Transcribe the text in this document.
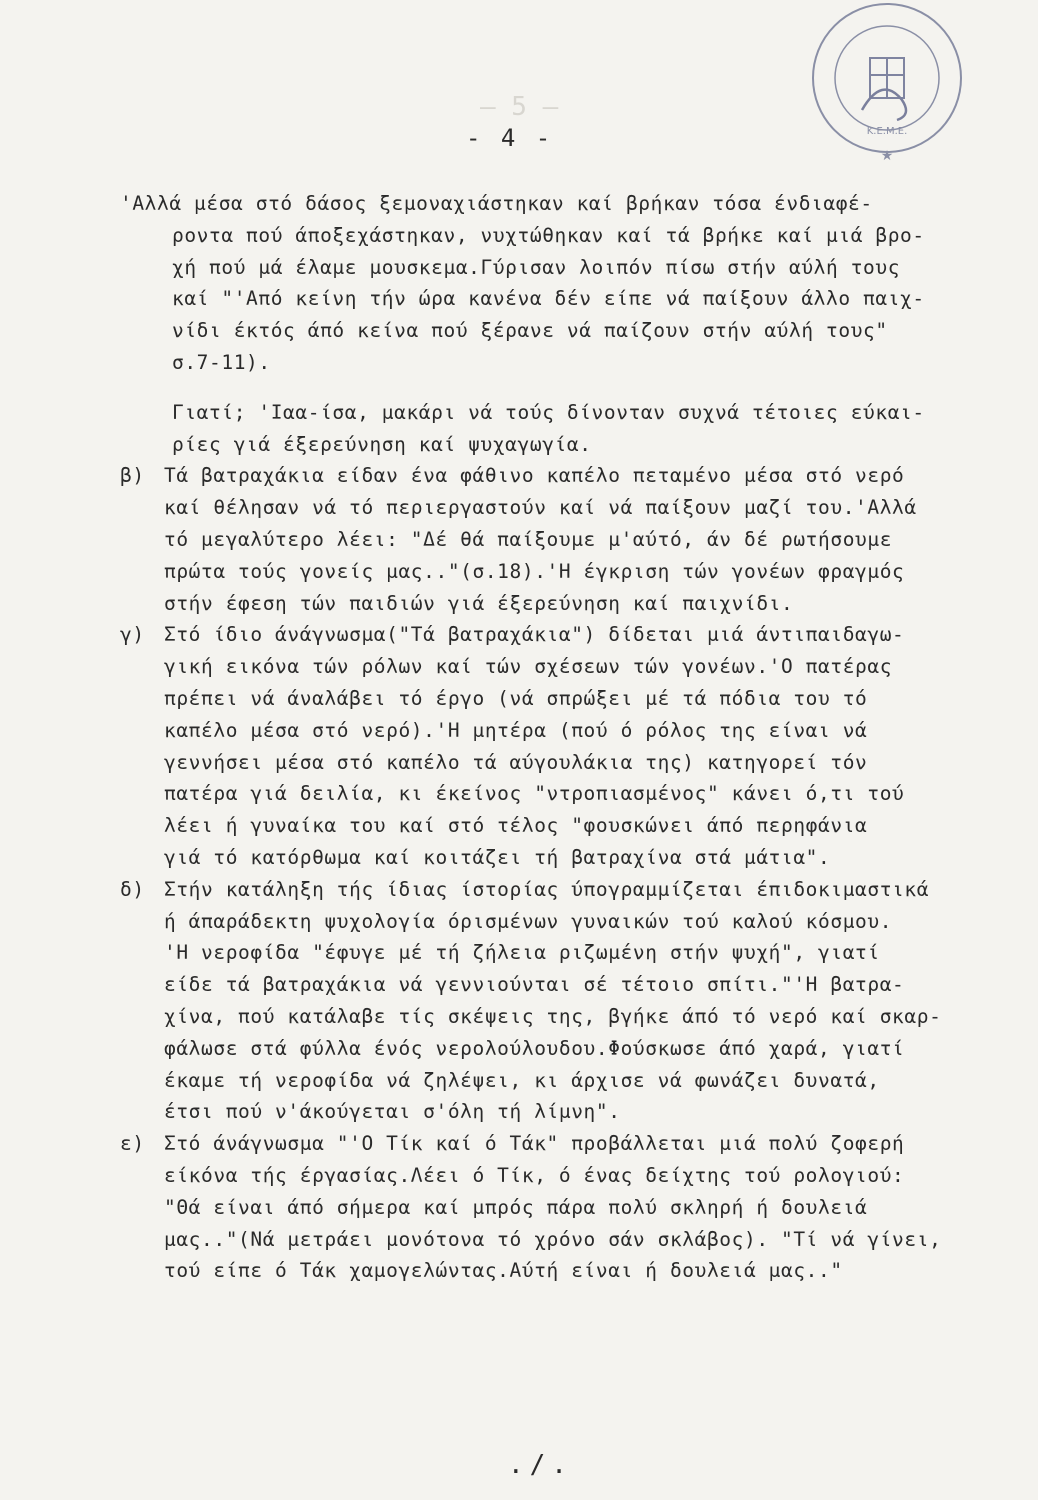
Κ.Ε.Μ.Ε.
★
– 5 –
- 4 -
'Αλλά μέσα στό δάσος ξεμοναχιάστηκαν καί βρήκαν τόσα ένδιαφέ-
ροντα πού άποξεχάστηκαν, νυχτώθηκαν καί τά βρήκε καί μιά βρο-
χή πού μά έλαμε μουσκεμα.Γύρισαν λοιπόν πίσω στήν αύλή τους
καί "'Από κείνη τήν ώρα κανένα δέν είπε νά παίξουν άλλο παιχ-
νίδι έκτός άπό κείνα πού ξέρανε νά παίζουν στήν αύλή τους"
σ.7-11).
Γιατί; 'Ιαα-ίσα, μακάρι νά τούς δίνονταν συχνά τέτοιες εύκαι-
ρίες γιά έξερεύνηση καί ψυχαγωγία.
β) Τά βατραχάκια είδαν ένα φάθινο καπέλο πεταμένο μέσα στό νερό
καί θέλησαν νά τό περιεργαστούν καί νά παίξουν μαζί του.'Αλλά
τό μεγαλύτερο λέει: "Δέ θά παίξουμε μ'αύτό, άν δέ ρωτήσουμε
πρώτα τούς γονείς μας.."(σ.18).'Η έγκριση τών γονέων φραγμός
στήν έφεση τών παιδιών γιά έξερεύνηση καί παιχνίδι.
γ) Στό ίδιο άνάγνωσμα("Τά βατραχάκια") δίδεται μιά άντιπαιδαγω-
γική εικόνα τών ρόλων καί τών σχέσεων τών γονέων.'Ο πατέρας
πρέπει νά άναλάβει τό έργο (νά σπρώξει μέ τά πόδια του τό
καπέλο μέσα στό νερό).'Η μητέρα (πού ό ρόλος της είναι νά
γεννήσει μέσα στό καπέλο τά αύγουλάκια της) κατηγορεί τόν
πατέρα γιά δειλία, κι έκείνος "ντροπιασμένος" κάνει ό,τι τού
λέει ή γυναίκα του καί στό τέλος "φουσκώνει άπό περηφάνια
γιά τό κατόρθωμα καί κοιτάζει τή βατραχίνα στά μάτια".
δ) Στήν κατάληξη τής ίδιας ίστορίας ύπογραμμίζεται έπιδοκιμαστικά
ή άπαράδεκτη ψυχολογία όρισμένων γυναικών τού καλού κόσμου.
'Η νεροφίδα "έφυγε μέ τή ζήλεια ριζωμένη στήν ψυχή", γιατί
είδε τά βατραχάκια νά γεννιούνται σέ τέτοιο σπίτι."'Η βατρα-
χίνα, πού κατάλαβε τίς σκέψεις της, βγήκε άπό τό νερό καί σκαρ-
φάλωσε στά φύλλα ένός νερολούλουδου.Φούσκωσε άπό χαρά, γιατί
έκαμε τή νεροφίδα νά ζηλέψει, κι άρχισε νά φωνάζει δυνατά,
έτσι πού ν'άκούγεται σ'όλη τή λίμνη".
ε) Στό άνάγνωσμα "'Ο Τίκ καί ό Τάκ" προβάλλεται μιά πολύ ζοφερή
είκόνα τής έργασίας.Λέει ό Τίκ, ό ένας δείχτης τού ρολογιού:
"Θά είναι άπό σήμερα καί μπρός πάρα πολύ σκληρή ή δουλειά
μας.."(Νά μετράει μονότονα τό χρόνο σάν σκλάβος). "Τί νά γίνει,
τού είπε ό Τάκ χαμογελώντας.Αύτή είναι ή δουλειά μας.."
./.
